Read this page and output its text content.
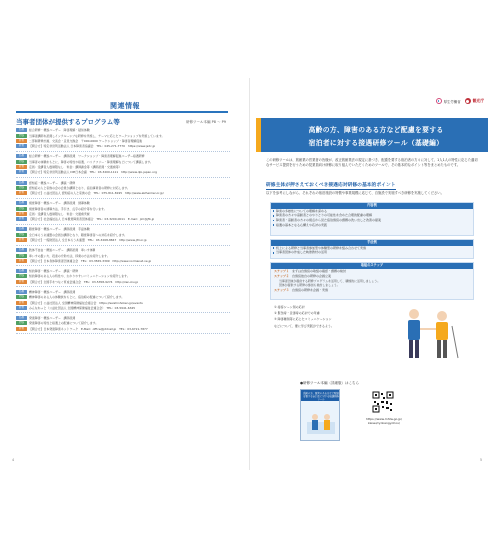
関連情報
当事者団体が提供するプログラム等	研修ツール本編 P8 〜 P9
名称	総合研修・概説ユーザー　障害理解・疑似体験
内容	当事者講師を派遣しインクルーシブな研修を実施し、テーマに応じたワークショップを実施しています。
対象	二部制研修計画、交流会・意見交換会　〒000-0000 ワークショップ・障害者理解促進
対象	【問合せ】特定非営利活動法人 日本障害者協議会　TEL：045-271-7770　https://www.jsdc.jp
名称	総合研修・概説ユーザー　講師派遣　ワークショップ・障害者理解促進ユーザー接遇研修
内容	当事者の体験をもとに、障害の特性や接遇、バリアフリー・障害理解などについて講演します。
対象	定員：受講者人数制限なし　料金：講師謝金等（講師派遣・交通費等）
対象	【問合せ】特定非営利活動法人 DPI日本会議　TEL：03-3200-1111　http://www.dpi-japan.org
名称	認知症・概説ユーザー　講演・研修
内容	認知症の人と家族の会の会員が講師となり、宿泊事業者の研修に対応します。
対象	【問合せ】公益社団法人 認知症の人と家族の会　TEL：075-811-8195　http://www.alzheimer.or.jp/
名称	視覚障害・概説ユーザー　講師派遣　誘導体験
内容	視覚障害者の誘導方法、手引き、点字の紹介等を行います。
対象	定員：受講者人数制限なし　料金：交通費実費
対象	【問合せ】社会福祉法人 日本視覚障害者団体連合　TEL：03-3200-0011　E-mail：jim@jfb.jp
名称	聴覚障害・概説ユーザー　講師派遣　手話体験
内容	全日本ろうあ連盟の会員が講師となり、聴覚障害者への対応を紹介します。
対象	【問合せ】一般財団法人 全日本ろうあ連盟　TEL：03-3268-8847　http://www.jfd.or.jp
名称	肢体不自由・概説ユーザー　講師派遣　車いす体験
内容	車いすの扱い方、段差の介助方法、移乗の方法を紹介します。
対象	【問合せ】日本身体障害者団体連合会　TEL：03-3565-3399　http://www.normanet.ne.jp
名称	知的障害・概説ユーザー　講演・研修
内容	知的障害のある人の特性や、わかりやすいコミュニケーションを紹介します。
対象	【問合せ】全国手をつなぐ育成会連合会　TEL：03-5358-9274　http://zen-iku.jp
名称	精神障害・概説ユーザー　講師派遣
内容	精神障害のある人の体験談をもとに、宿泊時の配慮について紹介します。
対象	【問合せ】公益社団法人 全国精神保健福祉会連合会　https://seishinhoken.jp/events
対象	みんなねっと（公益社団法人 全国精神保健福祉会連合会）　TEL：03-5941-6345
名称	発達障害・概説ユーザー　講師派遣
内容	発達障害の特性と接遇上の配慮について紹介します。
対象	【問合せ】日本発達障害ネットワーク　E-Mail：office@jddnet.jp　TEL：03-6721-7877
4
厚生労働省	観光庁
高齢の方、障害のある方など配慮を要する
宿泊者に対する接遇研修ツール（基礎編）
この研修ツールは、旅館業の営業者の皆様が、改正旅館業法の規定に基づき、配慮を要する宿泊者の方々に対して、1人1人の特性に応じた適切なサービス提供を行うための従業員向け研修に取り組んでいただくためのツールで、その基本的なポイント等をまとめたものです。
研修主体が押さえておくべき接遇応対研修の基本的ポイント
以下を参考にしながら、それぞれの宿泊施設の特徴や事業規模に応じて、自施設で実施すべき研修を実施してください。
内容例
障害の多様性についての理解を深める
障害者の方々や高齢者とのやりとりの可能性を含めた合理的配慮の理解
障害者・高齢者の方々の視点から見た宿泊施設の課題の洗い出しと改善の提案
接遇の基本となる心構えや応対の実践
手法例
机上による研修と当事者参加型や体験型の研修を組み合わせて実施
当事者団体の作成した映像教材の活用
取組のステップ
ステップ１ まずは自施設の取組の確認・課題の検討
ステップ２ 自施設独自の研修の企画立案
当事者団体が提供する研修プログラムを活用して、積極的に活用しましょう。
団体が提供する研修の参加も検討しましょう。
ステップ３ 自施設の研修を企画・実施
① 接客シーン別の応対
② 緊急時・災害時の応対での考慮
③ 障害種別等に応じたコミュニケーション
などについて、要に学び実践ができるよう。
●研修ツール本編（詳細版）はこちら
高齢の方、障害のある方など配慮を要する宿泊者に対する接遇研修ツール
https://www.mhlw.go.jp/
kaisei/ryokangyohou/
5
